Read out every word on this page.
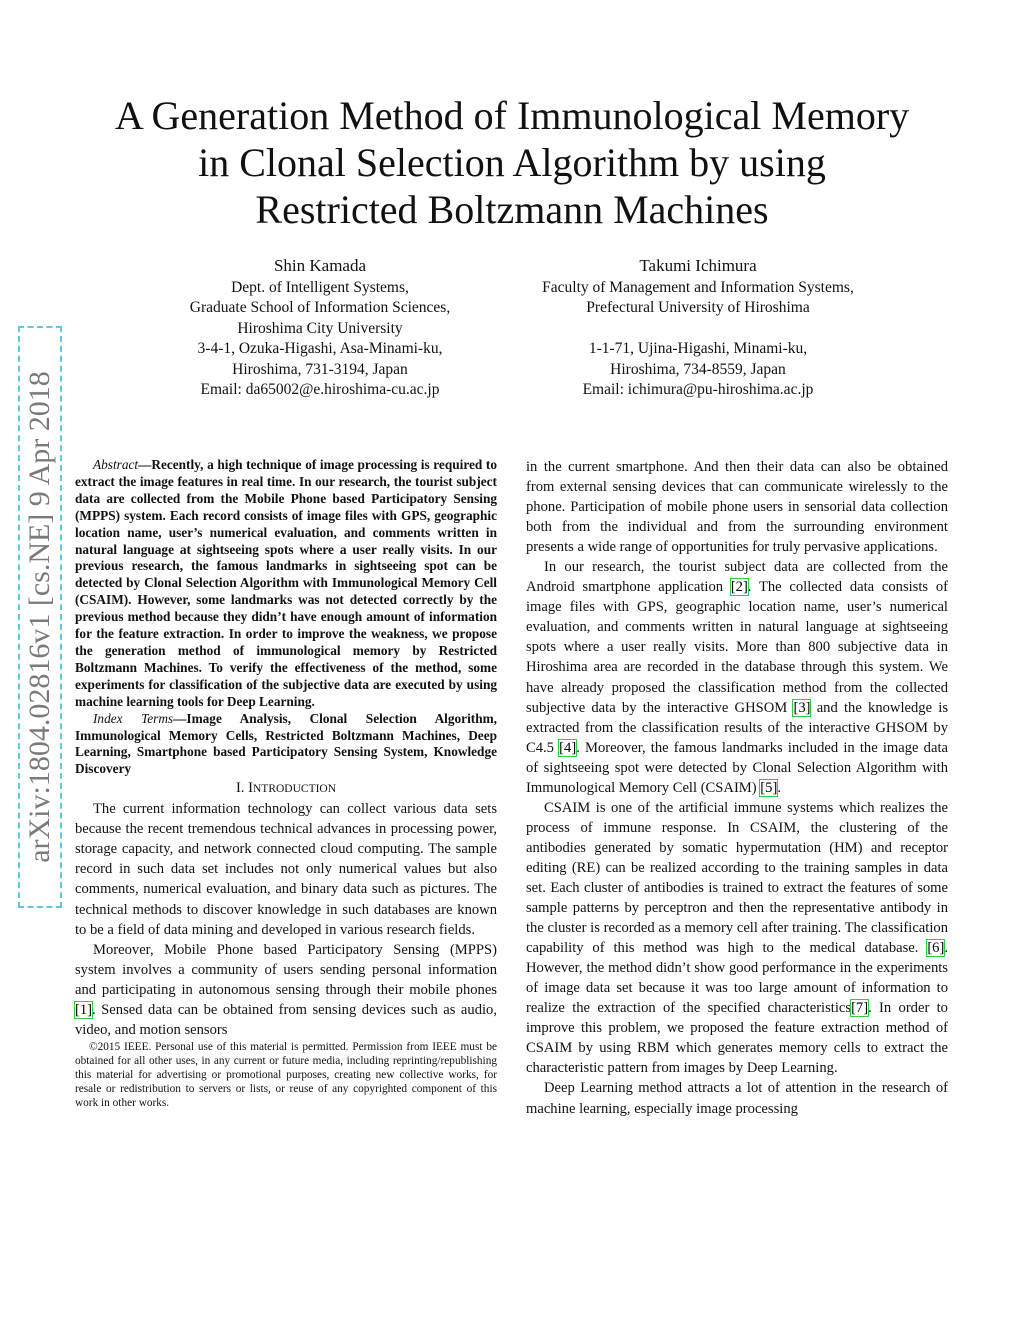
A Generation Method of Immunological Memory
in Clonal Selection Algorithm by using
Restricted Boltzmann Machines
Shin Kamada
Dept. of Intelligent Systems,
Graduate School of Information Sciences,
Hiroshima City University
3-4-1, Ozuka-Higashi, Asa-Minami-ku,
Hiroshima, 731-3194, Japan
Email: da65002@e.hiroshima-cu.ac.jp
Takumi Ichimura
Faculty of Management and Information Systems,
Prefectural University of Hiroshima
1-1-71, Ujina-Higashi, Minami-ku,
Hiroshima, 734-8559, Japan
Email: ichimura@pu-hiroshima.ac.jp
arXiv:1804.02816v1 [cs.NE] 9 Apr 2018	Abstract—Recently, a high technique of image processing is required to extract the image features in real time. In our research, the tourist subject data are collected from the Mobile Phone based Participatory Sensing (MPPS) system. Each record consists of image files with GPS, geographic location name, user’s numerical evaluation, and comments written in natural language at sightseeing spots where a user really visits. In our previous research, the famous landmarks in sightseeing spot can be detected by Clonal Selection Algorithm with Immunological Memory Cell (CSAIM). However, some landmarks was not detected correctly by the previous method because they didn’t have enough amount of information for the feature extraction. In order to improve the weakness, we propose the generation method of immunological memory by Restricted Boltzmann Machines. To verify the effectiveness of the method, some experiments for classification of the subjective data are executed by using machine learning tools for Deep Learning.

Index Terms—Image Analysis, Clonal Selection Algorithm, Immunological Memory Cells, Restricted Boltzmann Machines, Deep Learning, Smartphone based Participatory Sensing System, Knowledge Discovery

I. INTRODUCTION

The current information technology can collect various data sets because the recent tremendous technical advances in processing power, storage capacity, and network connected cloud computing. The sample record in such data set includes not only numerical values but also comments, numerical evaluation, and binary data such as pictures. The technical methods to discover knowledge in such databases are known to be a field of data mining and developed in various research fields.

Moreover, Mobile Phone based Participatory Sensing (MPPS) system involves a community of users sending personal information and participating in autonomous sensing through their mobile phones [1]. Sensed data can be obtained from sensing devices such as audio, video, and motion sensors

©2015 IEEE. Personal use of this material is permitted. Permission from IEEE must be obtained for all other uses, in any current or future media, including reprinting/republishing this material for advertising or promotional purposes, creating new collective works, for resale or redistribution to servers or lists, or reuse of any copyrighted component of this work in other works.

in the current smartphone. And then their data can also be obtained from external sensing devices that can communicate wirelessly to the phone. Participation of mobile phone users in sensorial data collection both from the individual and from the surrounding environment presents a wide range of opportunities for truly pervasive applications.

In our research, the tourist subject data are collected from the Android smartphone application [2]. The collected data consists of image files with GPS, geographic location name, user’s numerical evaluation, and comments written in natural language at sightseeing spots where a user really visits. More than 800 subjective data in Hiroshima area are recorded in the database through this system. We have already proposed the classification method from the collected subjective data by the interactive GHSOM [3] and the knowledge is extracted from the classification results of the interactive GHSOM by C4.5 [4]. Moreover, the famous landmarks included in the image data of sightseeing spot were detected by Clonal Selection Algorithm with Immunological Memory Cell (CSAIM) [5].

CSAIM is one of the artificial immune systems which realizes the process of immune response. In CSAIM, the clustering of the antibodies generated by somatic hypermutation (HM) and receptor editing (RE) can be realized according to the training samples in data set. Each cluster of antibodies is trained to extract the features of some sample patterns by perceptron and then the representative antibody in the cluster is recorded as a memory cell after training. The classification capability of this method was high to the medical database. [6]. However, the method didn’t show good performance in the experiments of image data set because it was too large amount of information to realize the extraction of the specified characteristics[7]. In order to improve this problem, we proposed the feature extraction method of CSAIM by using RBM which generates memory cells to extract the characteristic pattern from images by Deep Learning.

Deep Learning method attracts a lot of attention in the research of machine learning, especially image processing
